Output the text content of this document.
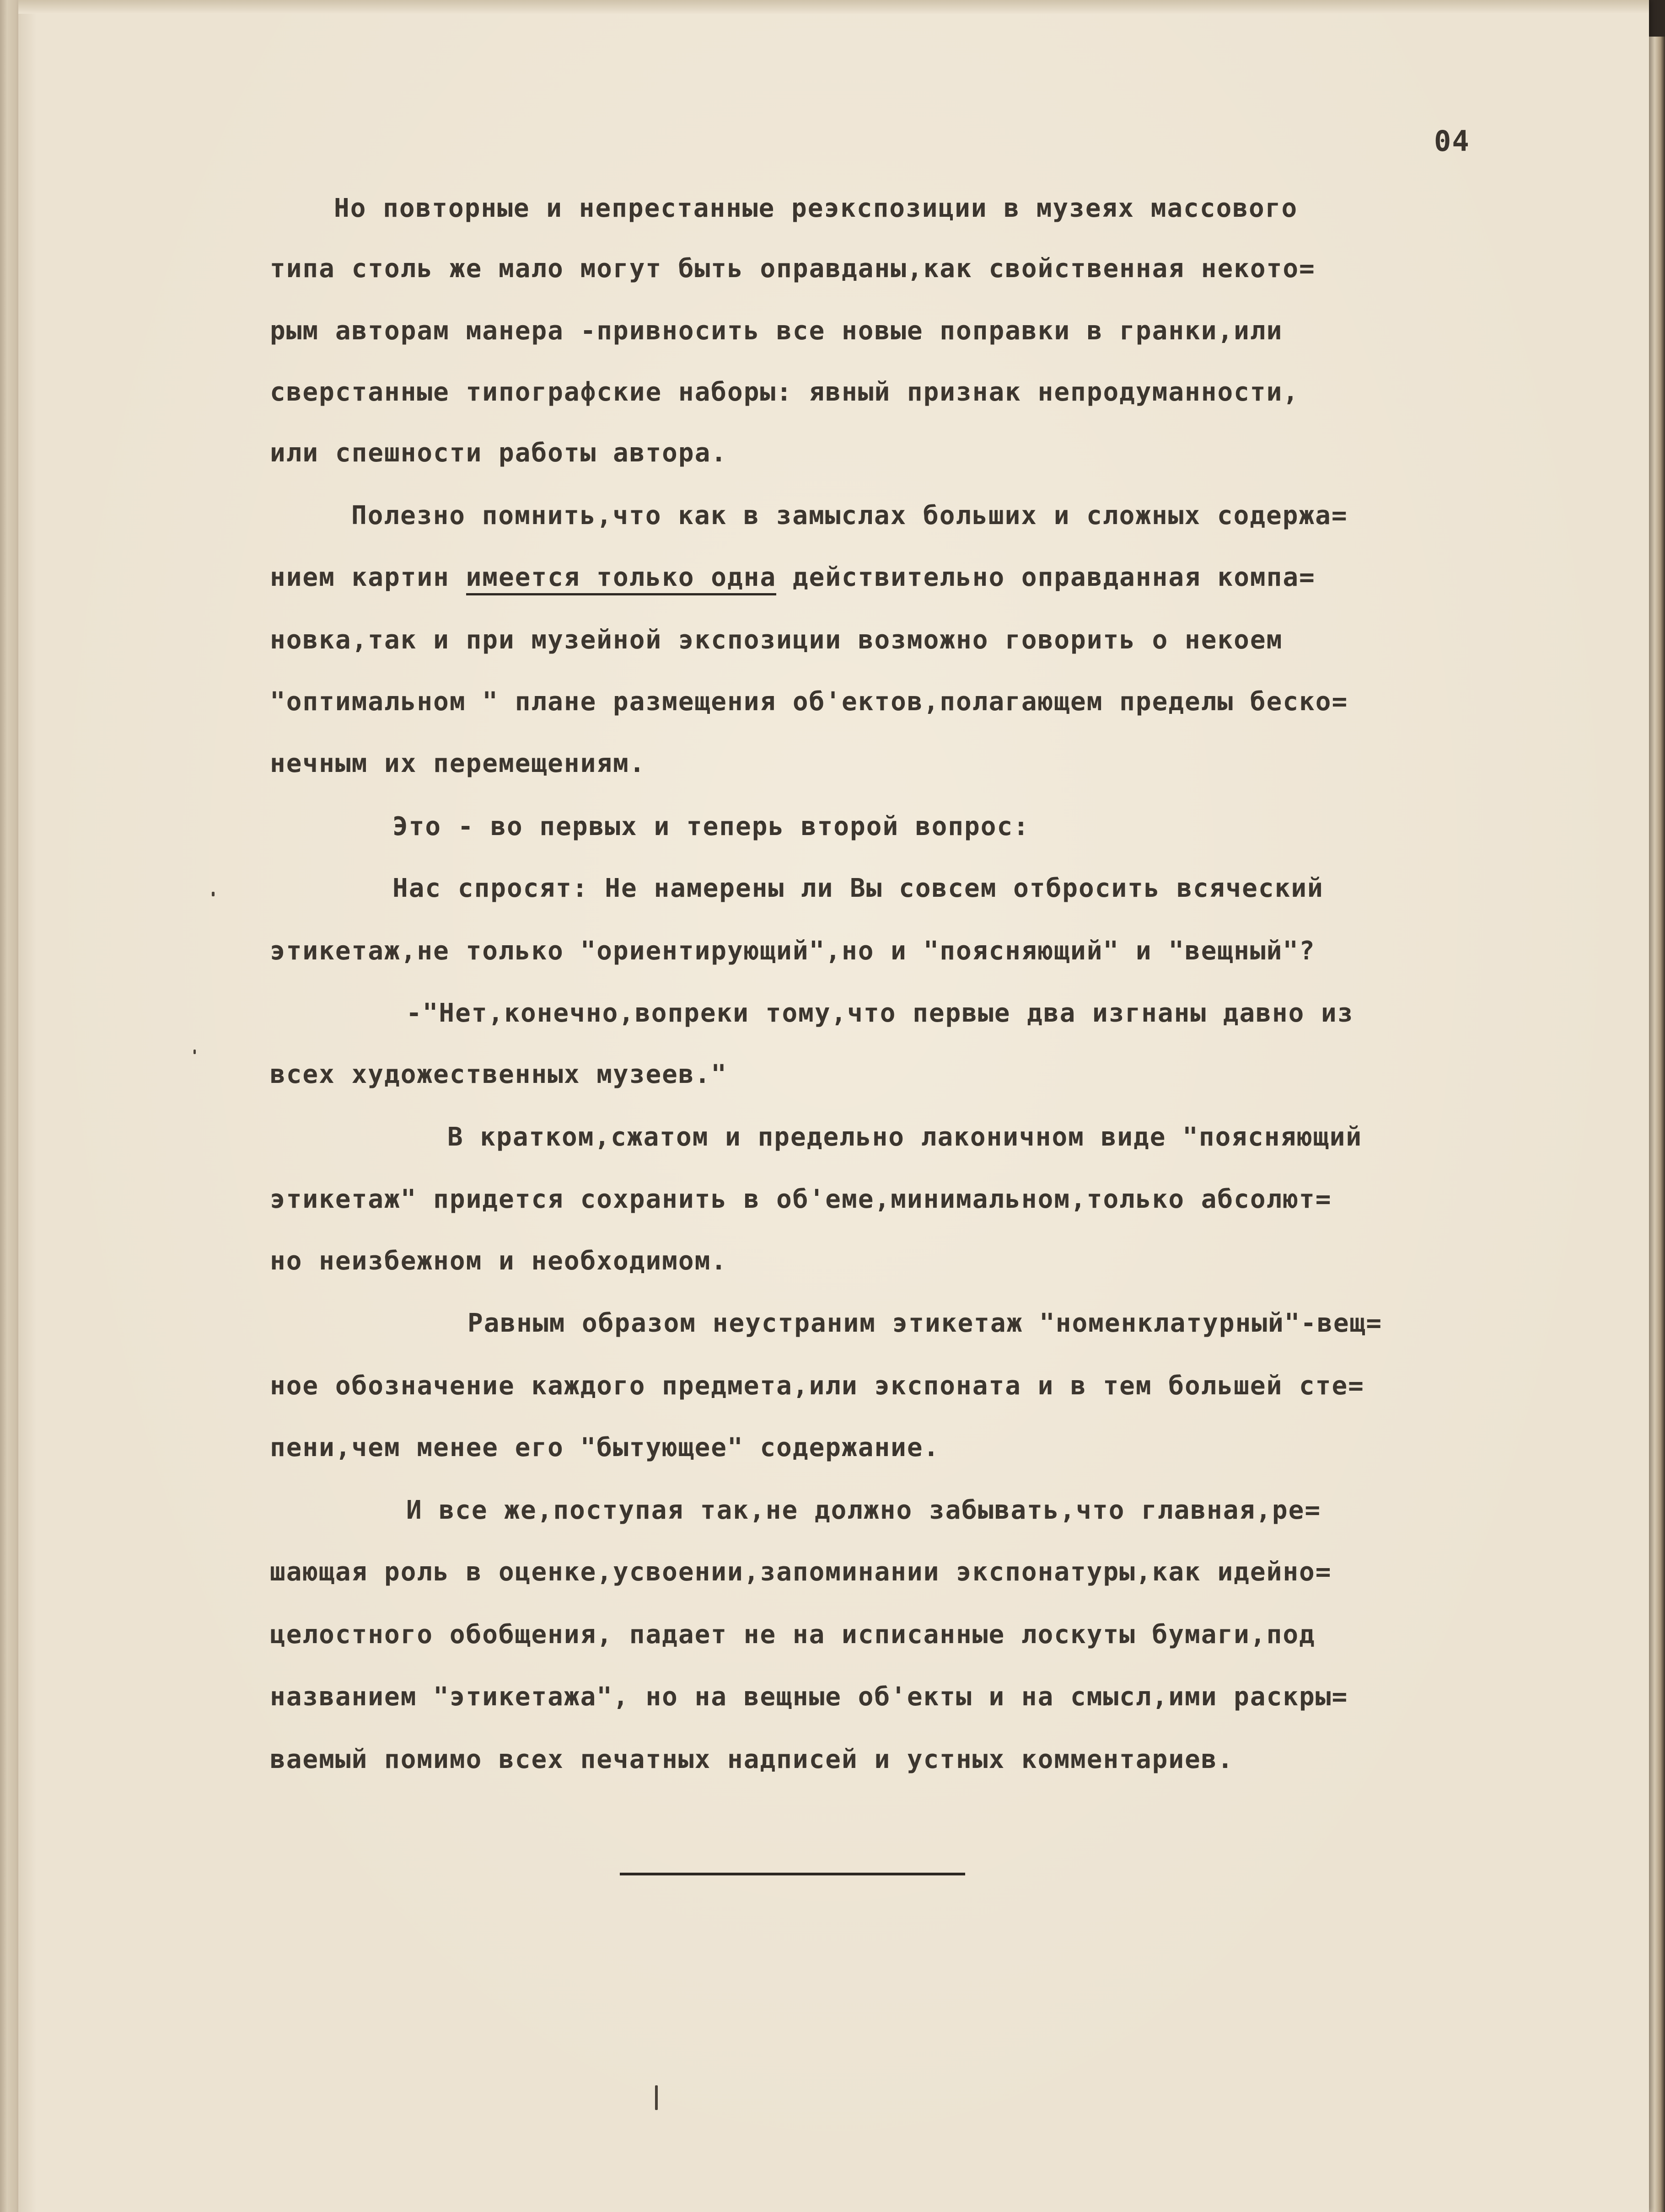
04
Но повторные и непрестанные реэкспозиции в музеях массового
типа столь же мало могут быть оправданы,как свойственная некото=
рым авторам манера -привносить все новые поправки в гранки,или
сверстанные типографские наборы: явный признак непродуманности,
или спешности работы автора.
Полезно помнить,что как в замыслах больших и сложных содержа=
нием картин имеется только одна действительно оправданная компа=
новка,так и при музейной экспозиции возможно говорить о некоем
"оптимальном " плане размещения об'ектов,полагающем пределы беско=
нечным их перемещениям.
Это - во первых и теперь второй вопрос:
Нас спросят: Не намерены ли Вы совсем отбросить всяческий
этикетаж,не только "ориентирующий",но и "поясняющий" и "вещный"?
-"Нет,конечно,вопреки тому,что первые два изгнаны давно из
всех художественных музеев."
В кратком,сжатом и предельно лаконичном виде "поясняющий
этикетаж" придется сохранить в об'еме,минимальном,только абсолют=
но неизбежном и необходимом.
Равным образом неустраним этикетаж "номенклатурный"-вещ=
ное обозначение каждого предмета,или экспоната и в тем большей сте=
пени,чем менее его "бытующее" содержание.
И все же,поступая так,не должно забывать,что главная,ре=
шающая роль в оценке,усвоении,запоминании экспонатуры,как идейно=
целостного обобщения, падает не на исписанные лоскуты бумаги,под
названием "этикетажа", но на вещные об'екты и на смысл,ими раскры=
ваемый помимо всех печатных надписей и устных комментариев.
